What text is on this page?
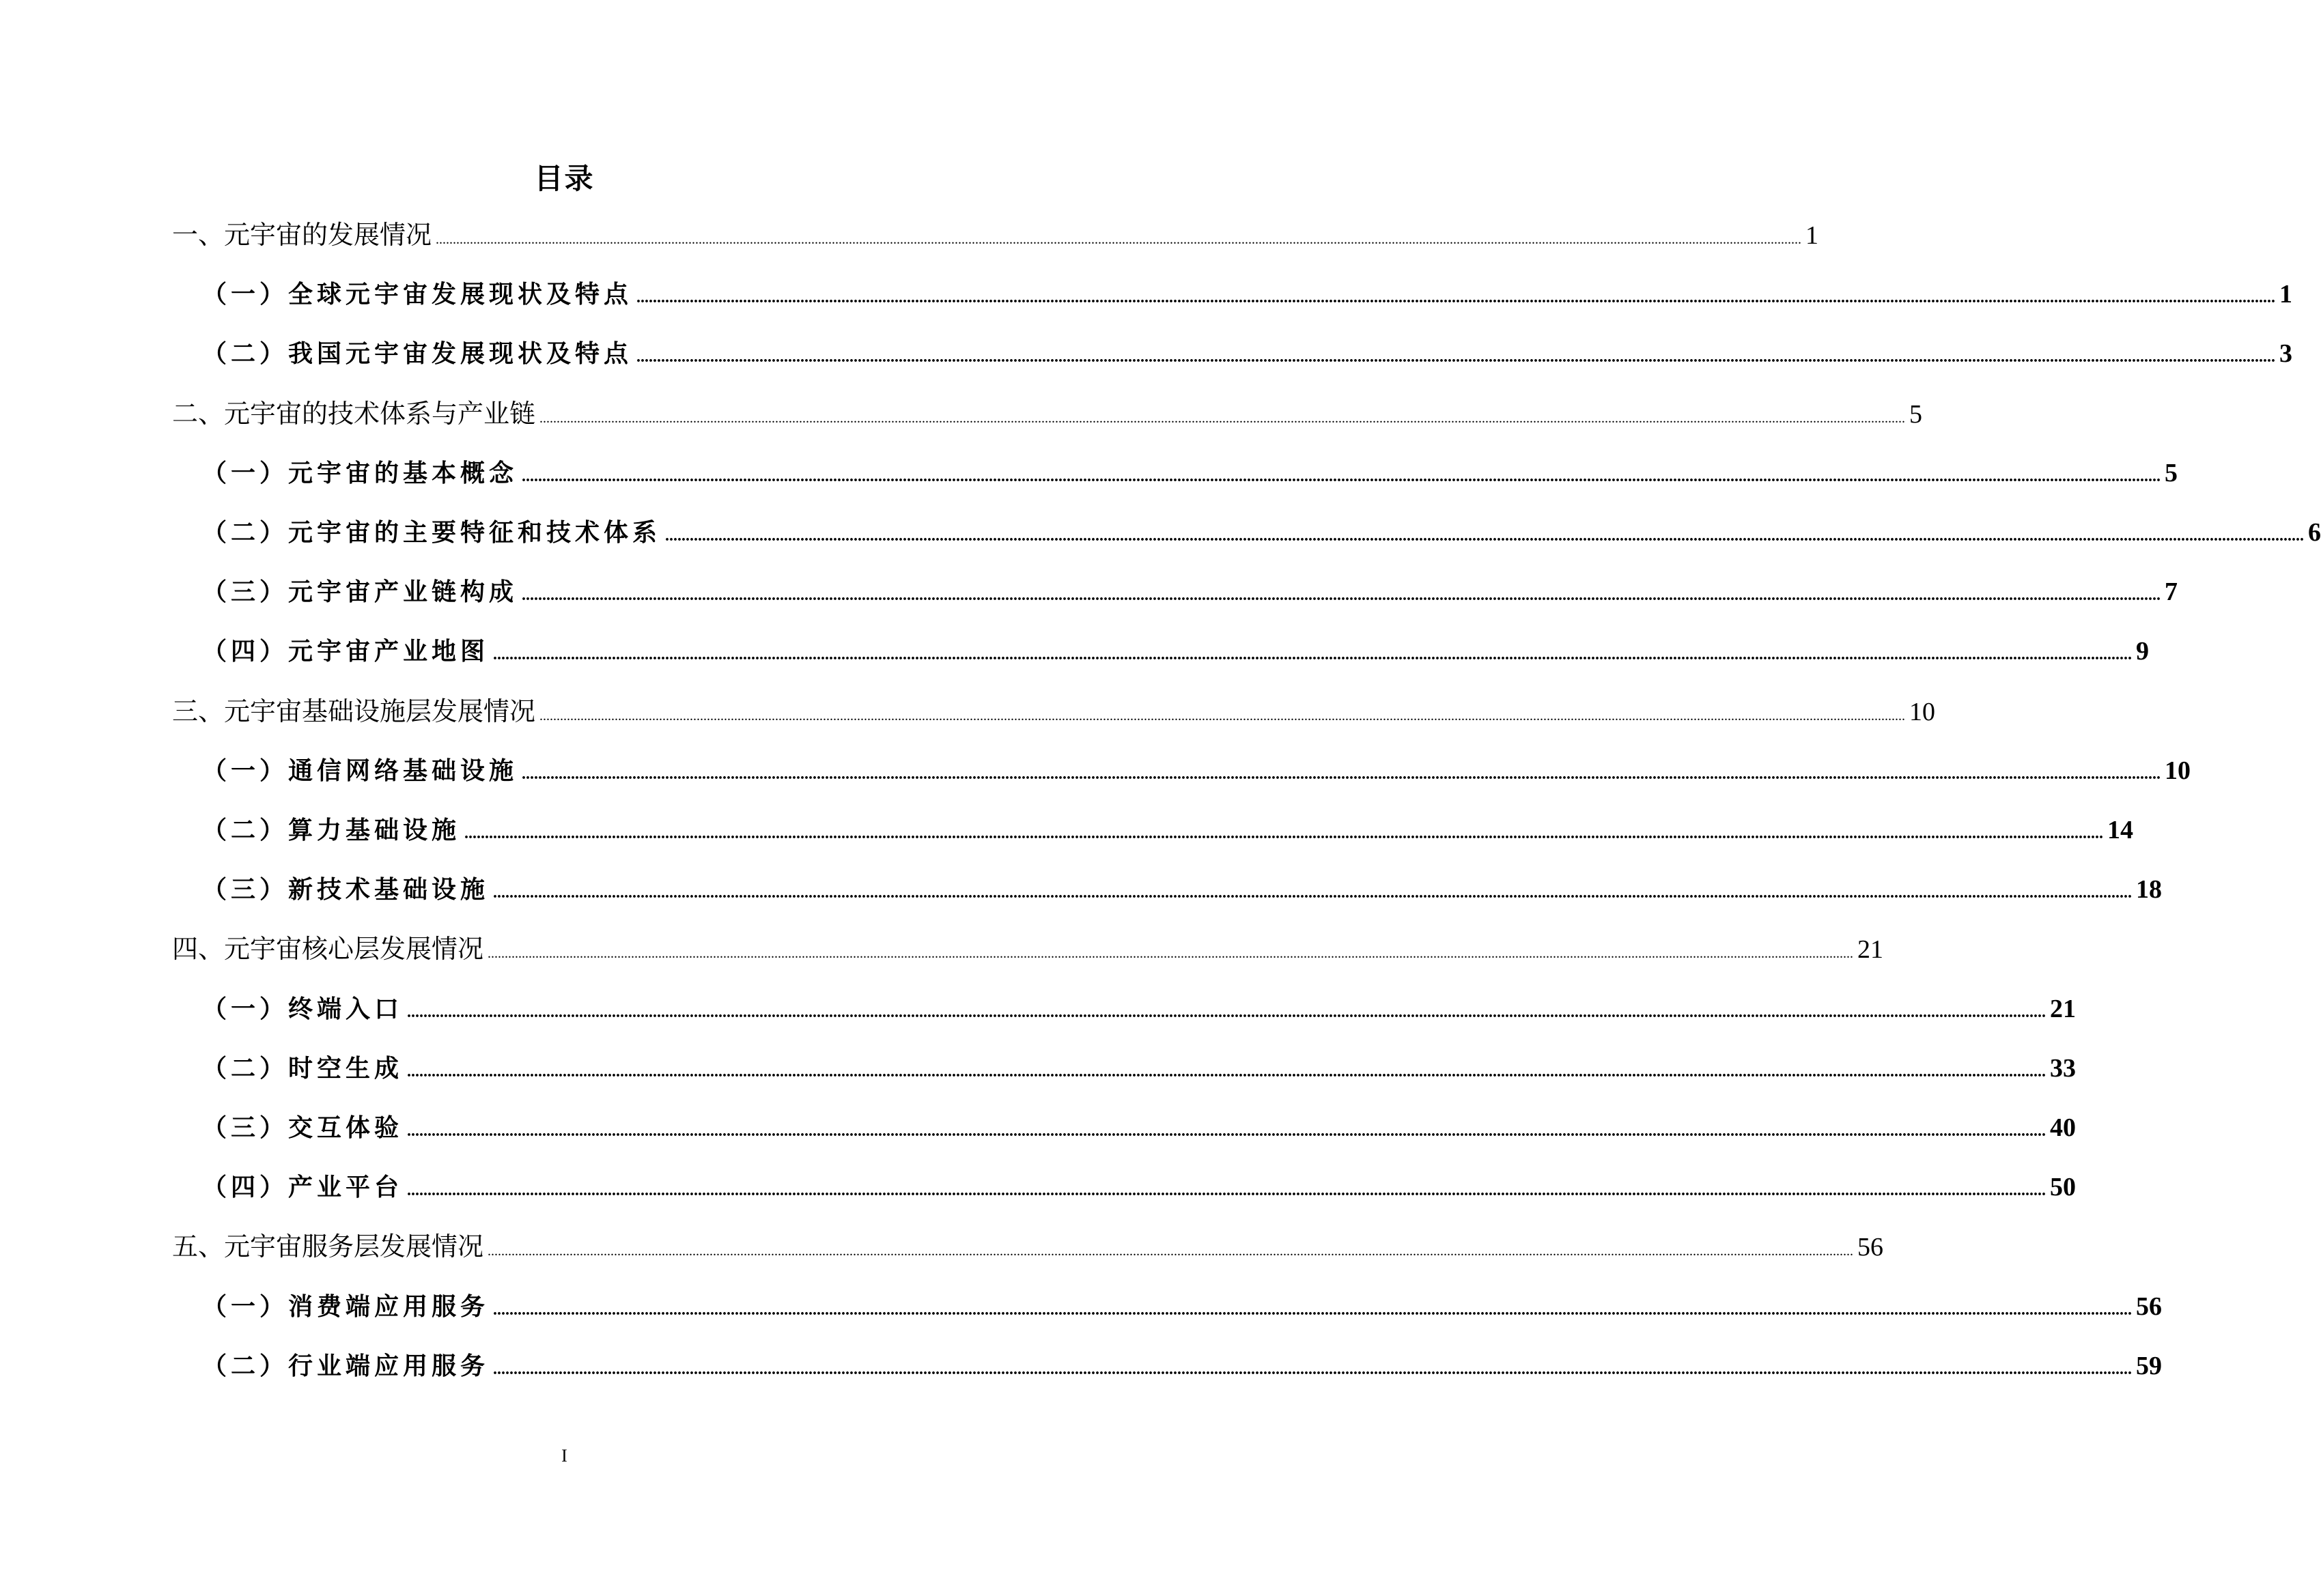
目录
一、元宇宙的发展情况 ................................................................................................................................................................................................................................................................................................................................................................................................................ 1
（一）全球元宇宙发展现状及特点 ................................................................................................................................................................................................................................................................................................................................................................................................................ 1
（二）我国元宇宙发展现状及特点 ................................................................................................................................................................................................................................................................................................................................................................................................................ 3
二、元宇宙的技术体系与产业链 ................................................................................................................................................................................................................................................................................................................................................................................................................ 5
（一）元宇宙的基本概念 ................................................................................................................................................................................................................................................................................................................................................................................................................ 5
（二）元宇宙的主要特征和技术体系 ................................................................................................................................................................................................................................................................................................................................................................................................................ 6
（三）元宇宙产业链构成 ................................................................................................................................................................................................................................................................................................................................................................................................................ 7
（四）元宇宙产业地图 ................................................................................................................................................................................................................................................................................................................................................................................................................ 9
三、元宇宙基础设施层发展情况 ................................................................................................................................................................................................................................................................................................................................................................................................................ 10
（一）通信网络基础设施 ................................................................................................................................................................................................................................................................................................................................................................................................................ 10
（二）算力基础设施 ................................................................................................................................................................................................................................................................................................................................................................................................................ 14
（三）新技术基础设施 ................................................................................................................................................................................................................................................................................................................................................................................................................ 18
四、元宇宙核心层发展情况 ................................................................................................................................................................................................................................................................................................................................................................................................................ 21
（一）终端入口 ................................................................................................................................................................................................................................................................................................................................................................................................................ 21
（二）时空生成 ................................................................................................................................................................................................................................................................................................................................................................................................................ 33
（三）交互体验 ................................................................................................................................................................................................................................................................................................................................................................................................................ 40
（四）产业平台 ................................................................................................................................................................................................................................................................................................................................................................................................................ 50
五、元宇宙服务层发展情况 ................................................................................................................................................................................................................................................................................................................................................................................................................ 56
（一）消费端应用服务 ................................................................................................................................................................................................................................................................................................................................................................................................................ 56
（二）行业端应用服务 ................................................................................................................................................................................................................................................................................................................................................................................................................ 59
I
